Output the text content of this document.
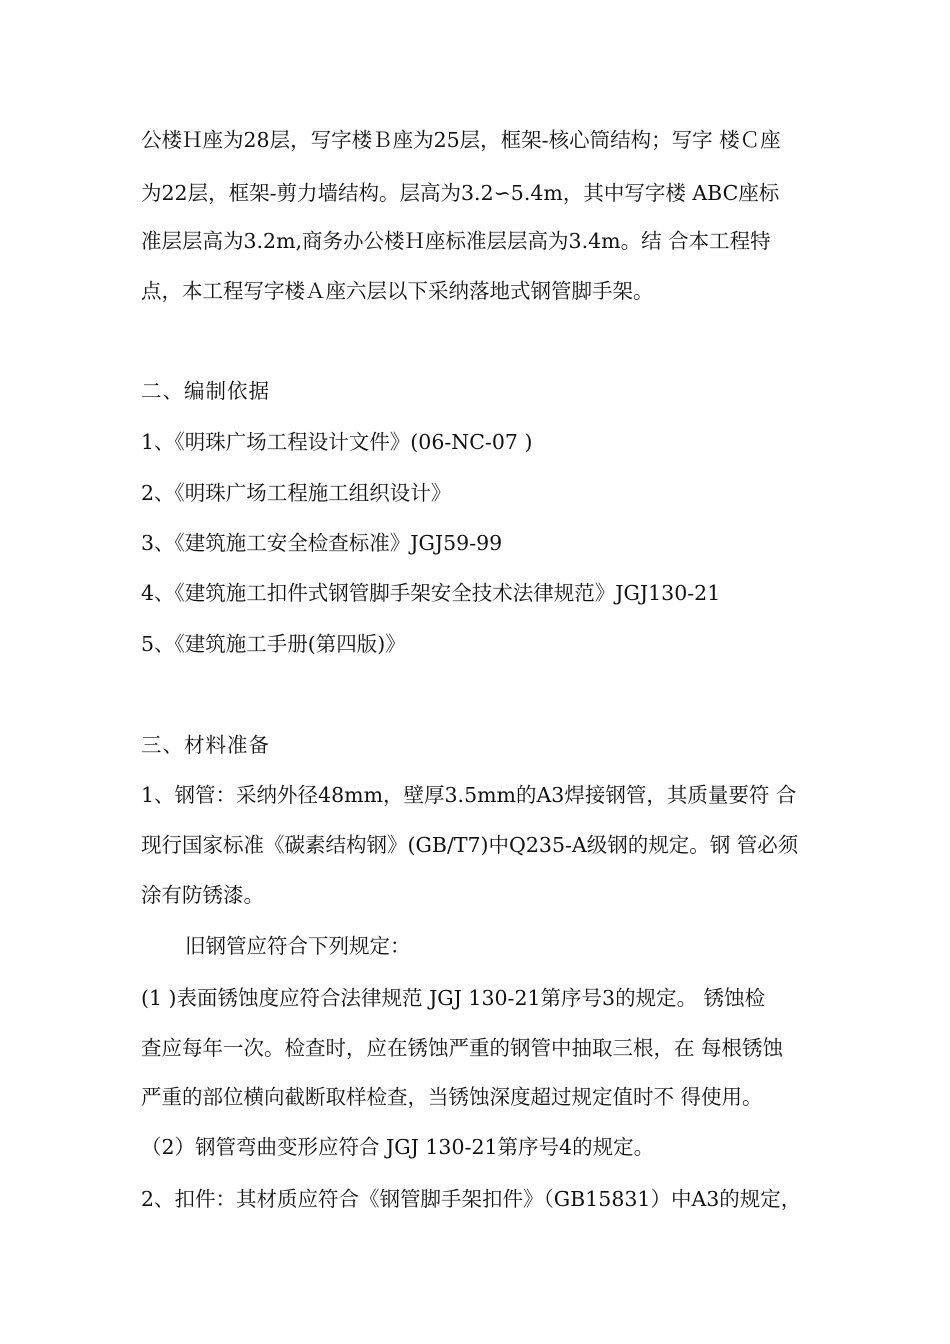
公楼Ｈ座为28层，写字楼Ｂ座为25层，框架-核心筒结构；写字 楼Ｃ座
为22层，框架-剪力墙结构。层高为3.2∽5.4m，其中写字楼 ABC座标
准层层高为3.2m,商务办公楼Ｈ座标准层层高为3.4m。结 合本工程特
点，本工程写字楼Ａ座六层以下采纳落地式钢管脚手架。
二、编制依据
1、《明珠广场工程设计文件》(06-NC-07 )
2、《明珠广场工程施工组织设计》
3、《建筑施工安全检查标准》JGJ59-99
4、《建筑施工扣件式钢管脚手架安全技术法律规范》JGJ130-21
5、《建筑施工手册(第四版)》
三、材料准备
1、钢管：采纳外径48mm，壁厚3.5mm的A3焊接钢管，其质量要符 合
现行国家标准《碳素结构钢》(GB/T7)中Q235-A级钢的规定。钢 管必须
涂有防锈漆。
旧钢管应符合下列规定：
(1 )表面锈蚀度应符合法律规范 JGJ 130-21第序号3的规定。 锈蚀检
查应每年一次。检查时，应在锈蚀严重的钢管中抽取三根，在 每根锈蚀
严重的部位横向截断取样检查，当锈蚀深度超过规定值时不 得使用。
（2）钢管弯曲变形应符合 JGJ 130-21第序号4的规定。
2、扣件：其材质应符合《钢管脚手架扣件》（GB15831）中A3的规定，
